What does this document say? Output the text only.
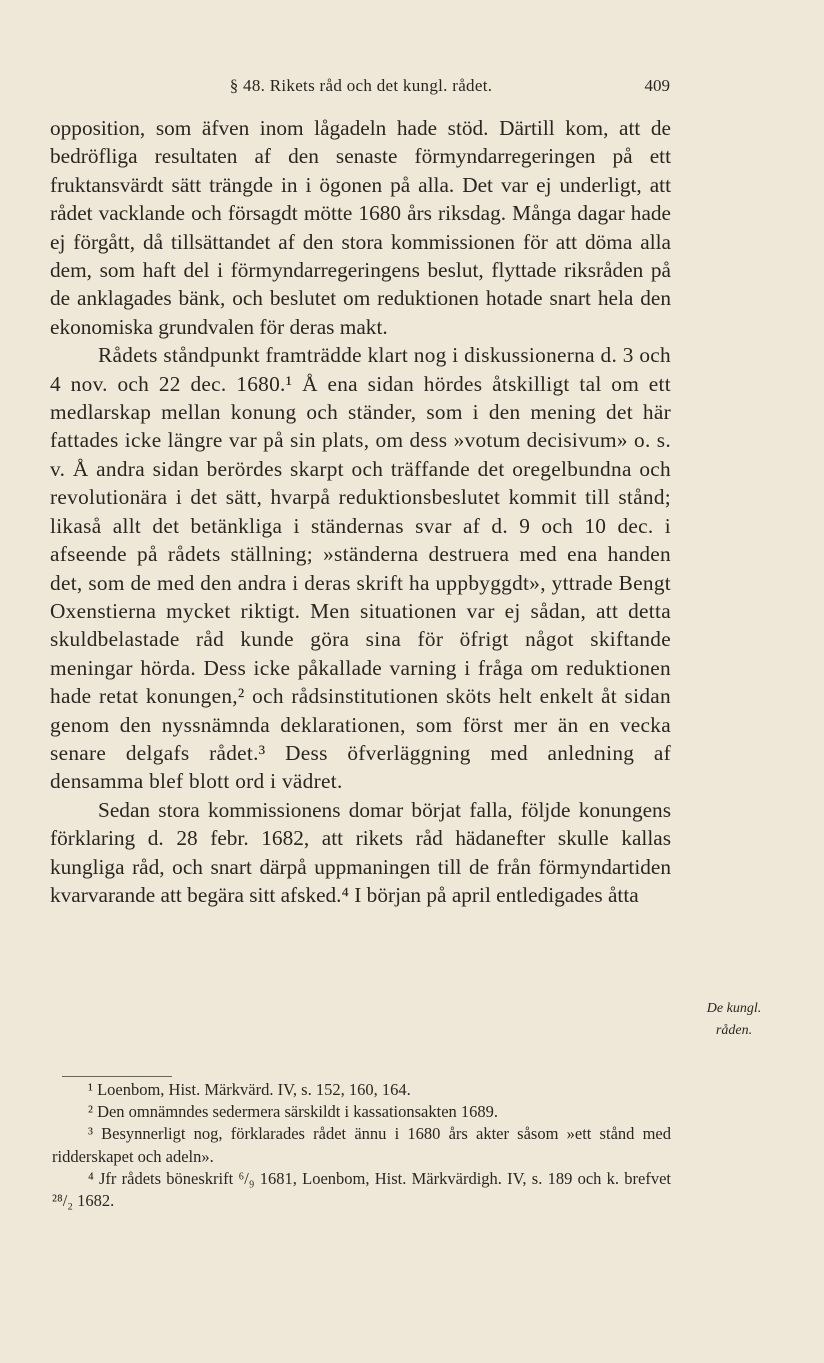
§ 48. Rikets råd och det kungl. rådet.	409

opposition, som äfven inom lågadeln hade stöd. Därtill kom, att de bedröfliga resultaten af den senaste förmyndarregeringen på ett fruktansvärdt sätt trängde in i ögonen på alla. Det var ej underligt, att rådet vacklande och försagdt mötte 1680 års riksdag. Många dagar hade ej förgått, då tillsättandet af den stora kommissionen för att döma alla dem, som haft del i förmyndarregeringens beslut, flyttade riksråden på de anklagades bänk, och beslutet om reduktionen hotade snart hela den ekonomiska grundvalen för deras makt.

Rådets ståndpunkt framträdde klart nog i diskussionerna d. 3 och 4 nov. och 22 dec. 1680.¹ Å ena sidan hördes åtskilligt tal om ett medlarskap mellan konung och ständer, som i den mening det här fattades icke längre var på sin plats, om dess »votum decisivum» o. s. v. Å andra sidan berördes skarpt och träffande det oregelbundna och revolutionära i det sätt, hvarpå reduktionsbeslutet kommit till stånd; likaså allt det betänkliga i ständernas svar af d. 9 och 10 dec. i afseende på rådets ställning; »ständerna destruera med ena handen det, som de med den andra i deras skrift ha uppbyggdt», yttrade Bengt Oxenstierna mycket riktigt. Men situationen var ej sådan, att detta skuldbelastade råd kunde göra sina för öfrigt något skiftande meningar hörda. Dess icke påkallade varning i fråga om reduktionen hade retat konungen,² och rådsinstitutionen sköts helt enkelt åt sidan genom den nyssnämnda deklarationen, som först mer än en vecka senare delgafs rådet.³ Dess öfverläggning med anledning af densamma blef blott ord i vädret.

Sedan stora kommissionens domar börjat falla, följde konungens förklaring d. 28 febr. 1682, att rikets råd hädanefter skulle kallas kungliga råd, och snart därpå uppmaningen till de från förmyndartiden kvarvarande att begära sitt afsked.⁴ I början på april entledigades åtta

De kungl. råden.

¹ Loenbom, Hist. Märkvärd. IV, s. 152, 160, 164.

² Den omnämndes sedermera särskildt i kassationsakten 1689.

³ Besynnerligt nog, förklarades rådet ännu i 1680 års akter såsom »ett stånd med ridderskapet och adeln».

⁴ Jfr rådets böneskrift ⁶/₉ 1681, Loenbom, Hist. Märkvärdigh. IV, s. 189 och k. brefvet ²⁸/₂ 1682.
